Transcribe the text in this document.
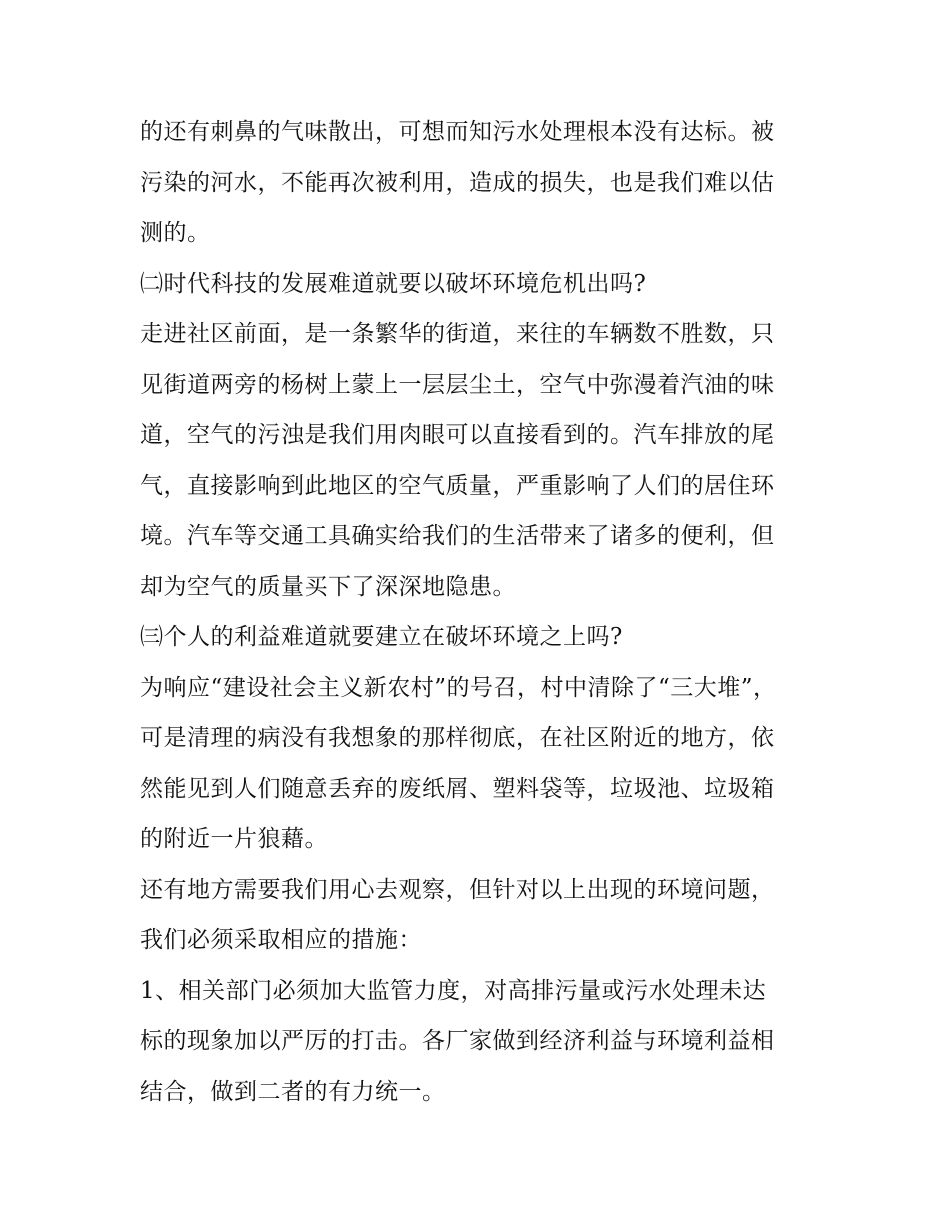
的还有刺鼻的气味散出，可想而知污水处理根本没有达标。被
污染的河水，不能再次被利用，造成的损失，也是我们难以估
测的。
㈡时代科技的发展难道就要以破坏环境危机出吗?
走进社区前面，是一条繁华的街道，来往的车辆数不胜数，只
见街道两旁的杨树上蒙上一层层尘土，空气中弥漫着汽油的味
道，空气的污浊是我们用肉眼可以直接看到的。汽车排放的尾
气，直接影响到此地区的空气质量，严重影响了人们的居住环
境。汽车等交通工具确实给我们的生活带来了诸多的便利，但
却为空气的质量买下了深深地隐患。
㈢个人的利益难道就要建立在破坏环境之上吗?
为响应“建设社会主义新农村”的号召，村中清除了“三大堆”，
可是清理的病没有我想象的那样彻底，在社区附近的地方，依
然能见到人们随意丢弃的废纸屑、塑料袋等，垃圾池、垃圾箱
的附近一片狼藉。
还有地方需要我们用心去观察，但针对以上出现的环境问题，
我们必须采取相应的措施：
1、相关部门必须加大监管力度，对高排污量或污水处理未达
标的现象加以严厉的打击。各厂家做到经济利益与环境利益相
结合，做到二者的有力统一。
